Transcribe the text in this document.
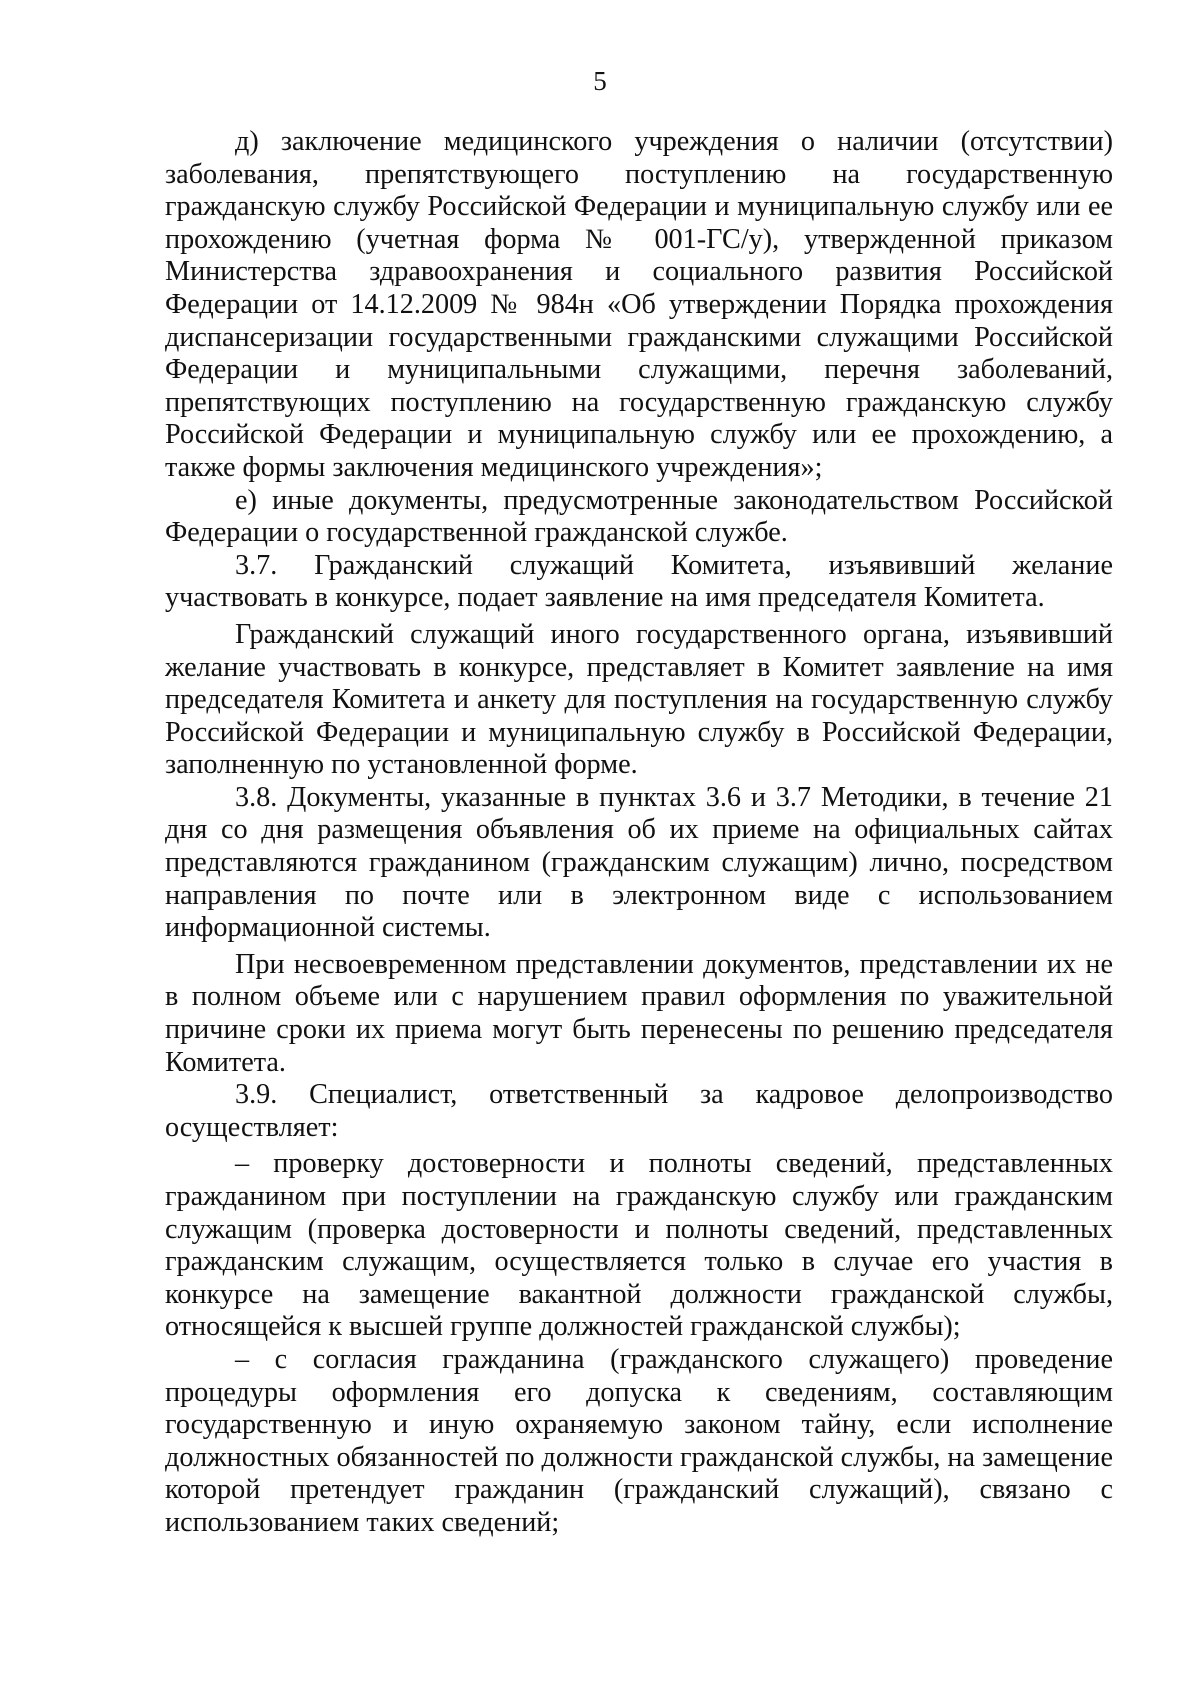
5

д) заключение медицинского учреждения о наличии (отсутствии) заболевания, препятствующего поступлению на государственную гражданскую службу Российской Федерации и муниципальную службу или ее прохождению (учетная форма № 001-ГС/у), утвержденной приказом Министерства здравоохранения и социального развития Российской Федерации от 14.12.2009 № 984н «Об утверждении Порядка прохождения диспансеризации государственными гражданскими служащими Российской Федерации и муниципальными служащими, перечня заболеваний, препятствующих поступлению на государственную гражданскую службу Российской Федерации и муниципальную службу или ее прохождению, а также формы заключения медицинского учреждения»;

е) иные документы, предусмотренные законодательством Российской Федерации о государственной гражданской службе.

3.7. Гражданский служащий Комитета, изъявивший желание участвовать в конкурсе, подает заявление на имя председателя Комитета.

Гражданский служащий иного государственного органа, изъявивший желание участвовать в конкурсе, представляет в Комитет заявление на имя председателя Комитета и анкету для поступления на государственную службу Российской Федерации и муниципальную службу в Российской Федерации, заполненную по установленной форме.

3.8. Документы, указанные в пунктах 3.6 и 3.7 Методики, в течение 21 дня со дня размещения объявления об их приеме на официальных сайтах представляются гражданином (гражданским служащим) лично, посредством направления по почте или в электронном виде с использованием информационной системы.

При несвоевременном представлении документов, представлении их не в полном объеме или с нарушением правил оформления по уважительной причине сроки их приема могут быть перенесены по решению председателя Комитета.

3.9. Специалист, ответственный за кадровое делопроизводство осуществляет:

– проверку достоверности и полноты сведений, представленных гражданином при поступлении на гражданскую службу или гражданским служащим (проверка достоверности и полноты сведений, представленных гражданским служащим, осуществляется только в случае его участия в конкурсе на замещение вакантной должности гражданской службы, относящейся к высшей группе должностей гражданской службы);

– с согласия гражданина (гражданского служащего) проведение процедуры оформления его допуска к сведениям, составляющим государственную и иную охраняемую законом тайну, если исполнение должностных обязанностей по должности гражданской службы, на замещение которой претендует гражданин (гражданский служащий), связано с использованием таких сведений;
